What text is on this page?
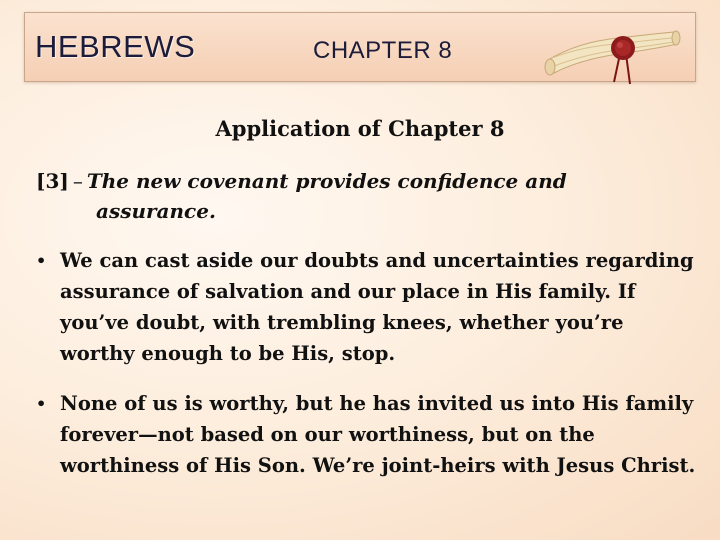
HEBREWS	CHAPTER 8
Application of Chapter 8
[3] – The new covenant provides confidence and
assurance.
• We can cast aside our doubts and uncertainties regarding assurance of salvation and our place in His family. If you’ve doubt, with trembling knees, whether you’re worthy enough to be His, stop.
• None of us is worthy, but he has invited us into His family forever—not based on our worthiness, but on the worthiness of His Son. We’re joint-heirs with Jesus Christ.
